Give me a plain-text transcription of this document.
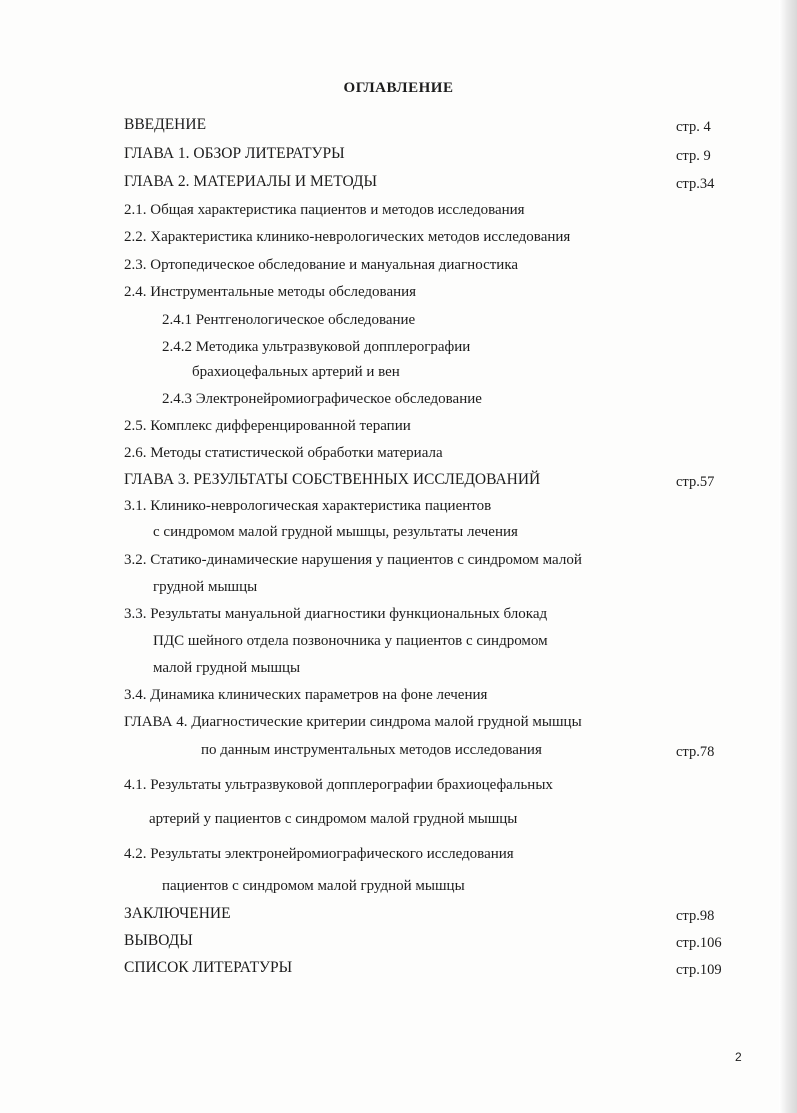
ОГЛАВЛЕНИЕ
ВВЕДЕНИЕ	стр. 4
ГЛАВА 1. ОБЗОР ЛИТЕРАТУРЫ	стр. 9
ГЛАВА 2. МАТЕРИАЛЫ И МЕТОДЫ	стр.34
2.1. Общая характеристика пациентов и методов исследования
2.2. Характеристика клинико-неврологических методов исследования
2.3. Ортопедическое обследование и мануальная диагностика
2.4. Инструментальные методы обследования
2.4.1 Рентгенологическое обследование
2.4.2 Методика ультразвуковой допплерографии
брахиоцефальных артерий и вен
2.4.3 Электронейромиографическое обследование
2.5. Комплекс дифференцированной терапии
2.6. Методы статистической обработки материала
ГЛАВА 3. РЕЗУЛЬТАТЫ СОБСТВЕННЫХ ИССЛЕДОВАНИЙ	стр.57
3.1. Клинико-неврологическая характеристика пациентов
с синдромом малой грудной мышцы, результаты лечения
3.2. Статико-динамические нарушения у пациентов с синдромом малой
грудной мышцы
3.3. Результаты мануальной диагностики функциональных блокад
ПДС шейного отдела позвоночника у пациентов с синдромом
малой грудной мышцы
3.4. Динамика клинических параметров на фоне лечения
ГЛАВА 4. Диагностические критерии синдрома малой грудной мышцы
по данным инструментальных методов исследования	стр.78
4.1. Результаты ультразвуковой допплерографии брахиоцефальных
артерий у пациентов с синдромом малой грудной мышцы
4.2. Результаты электронейромиографического исследования
пациентов с синдромом малой грудной мышцы
ЗАКЛЮЧЕНИЕ	стр.98
ВЫВОДЫ	стр.106
СПИСОК ЛИТЕРАТУРЫ	стр.109
2
